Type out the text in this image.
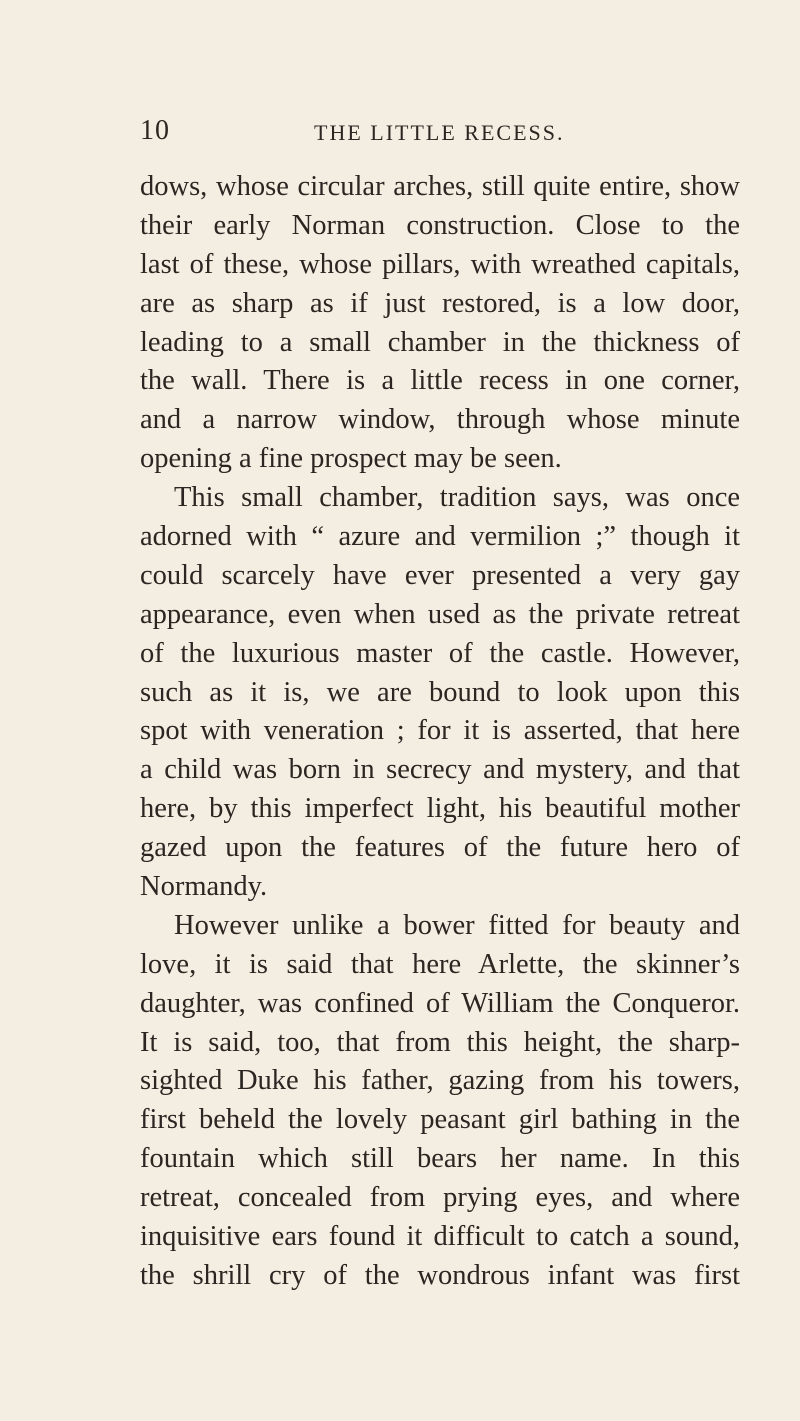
10	THE LITTLE RECESS.
dows, whose circular arches, still quite entire, show
their early Norman construction. Close to the
last of these, whose pillars, with wreathed capitals,
are as sharp as if just restored, is a low door,
leading to a small chamber in the thickness of
the wall. There is a little recess in one corner,
and a narrow window, through whose minute
opening a fine prospect may be seen.
This small chamber, tradition says, was once
adorned with “ azure and vermilion ;” though it
could scarcely have ever presented a very gay
appearance, even when used as the private retreat
of the luxurious master of the castle. However,
such as it is, we are bound to look upon this
spot with veneration ; for it is asserted, that here
a child was born in secrecy and mystery, and that
here, by this imperfect light, his beautiful mother
gazed upon the features of the future hero of
Normandy.
However unlike a bower fitted for beauty and
love, it is said that here Arlette, the skinner’s
daughter, was confined of William the Conqueror.
It is said, too, that from this height, the sharp-
sighted Duke his father, gazing from his towers,
first beheld the lovely peasant girl bathing in the
fountain which still bears her name. In this
retreat, concealed from prying eyes, and where
inquisitive ears found it difficult to catch a sound,
the shrill cry of the wondrous infant was first
